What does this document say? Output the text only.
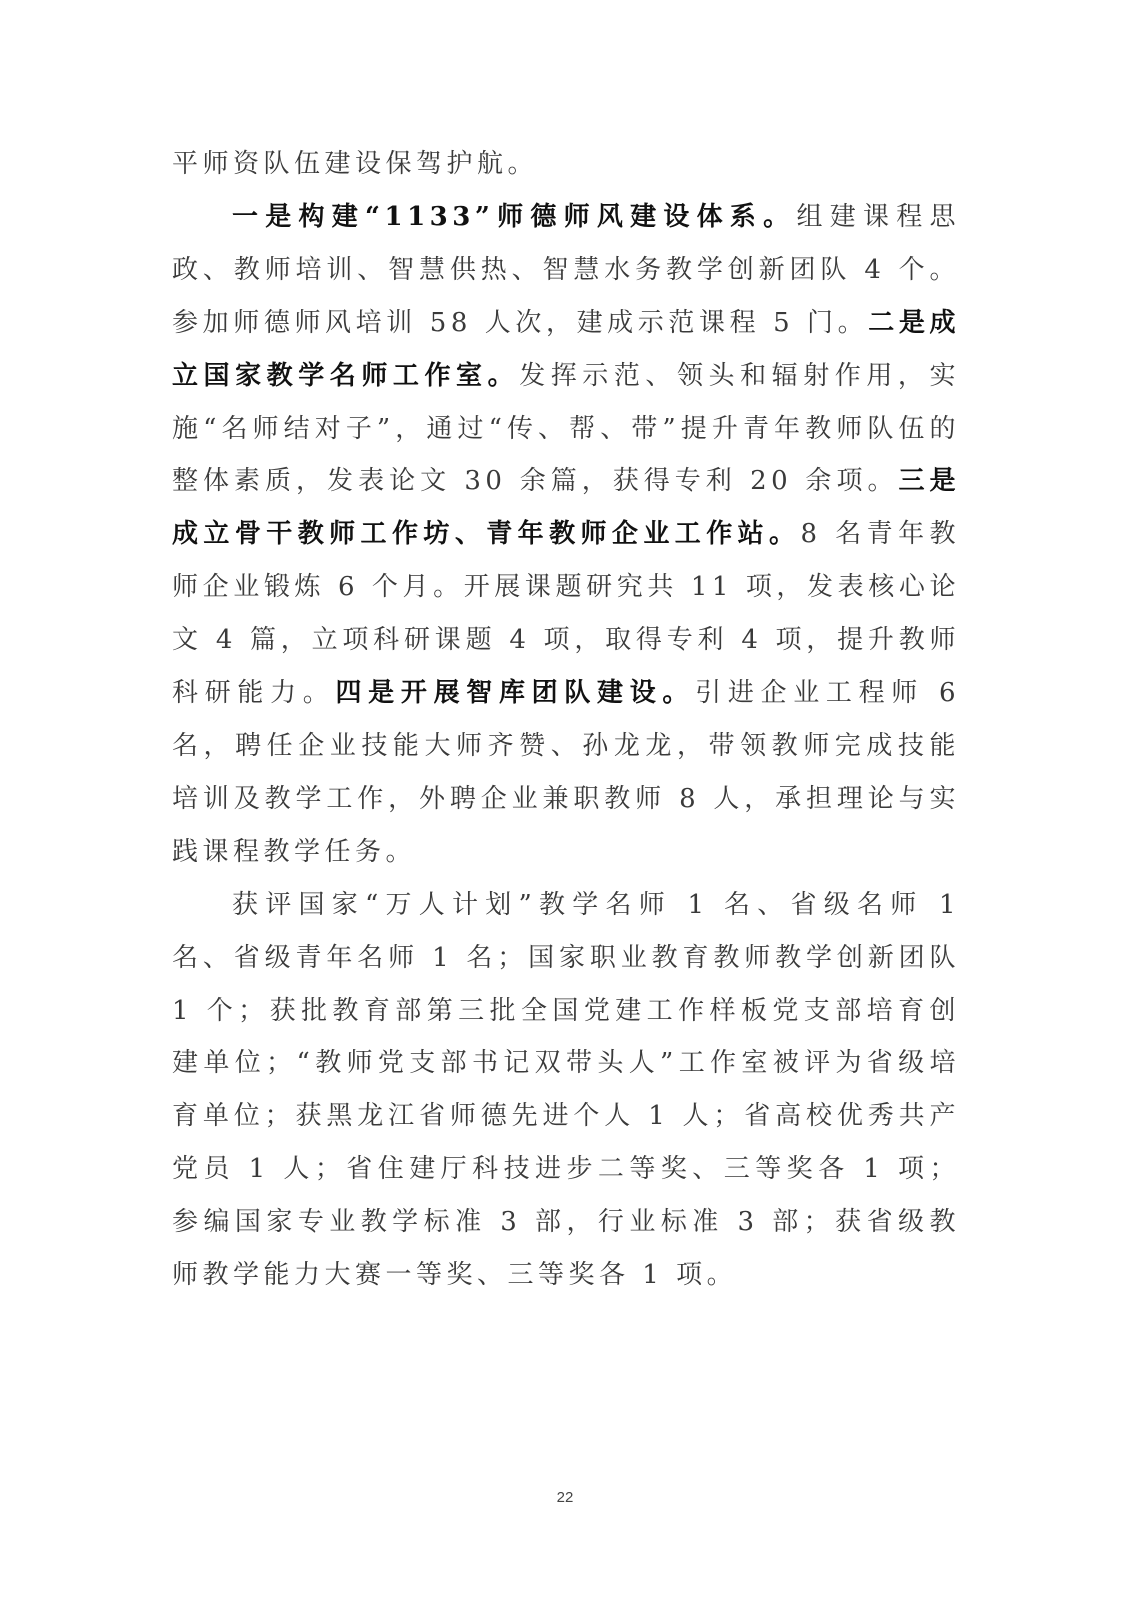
平师资队伍建设保驾护航。

一是构建“1133”师德师风建设体系。组建课程思政、教师培训、智慧供热、智慧水务教学创新团队 4 个。参加师德师风培训 58 人次，建成示范课程 5 门。二是成立国家教学名师工作室。发挥示范、领头和辐射作用，实施“名师结对子”，通过“传、帮、带”提升青年教师队伍的整体素质，发表论文 30 余篇，获得专利 20 余项。三是成立骨干教师工作坊、青年教师企业工作站。8 名青年教师企业锻炼 6 个月。开展课题研究共 11 项，发表核心论文 4 篇，立项科研课题 4 项，取得专利 4 项，提升教师科研能力。四是开展智库团队建设。引进企业工程师 6 名，聘任企业技能大师齐赞、孙龙龙，带领教师完成技能培训及教学工作，外聘企业兼职教师 8 人，承担理论与实践课程教学任务。

获评国家“万人计划”教学名师 1 名、省级名师 1 名、省级青年名师 1 名；国家职业教育教师教学创新团队 1 个；获批教育部第三批全国党建工作样板党支部培育创建单位；“教师党支部书记双带头人”工作室被评为省级培育单位；获黑龙江省师德先进个人 1 人；省高校优秀共产党员 1 人；省住建厅科技进步二等奖、三等奖各 1 项；参编国家专业教学标准 3 部，行业标准 3 部；获省级教师教学能力大赛一等奖、三等奖各 1 项。

22
